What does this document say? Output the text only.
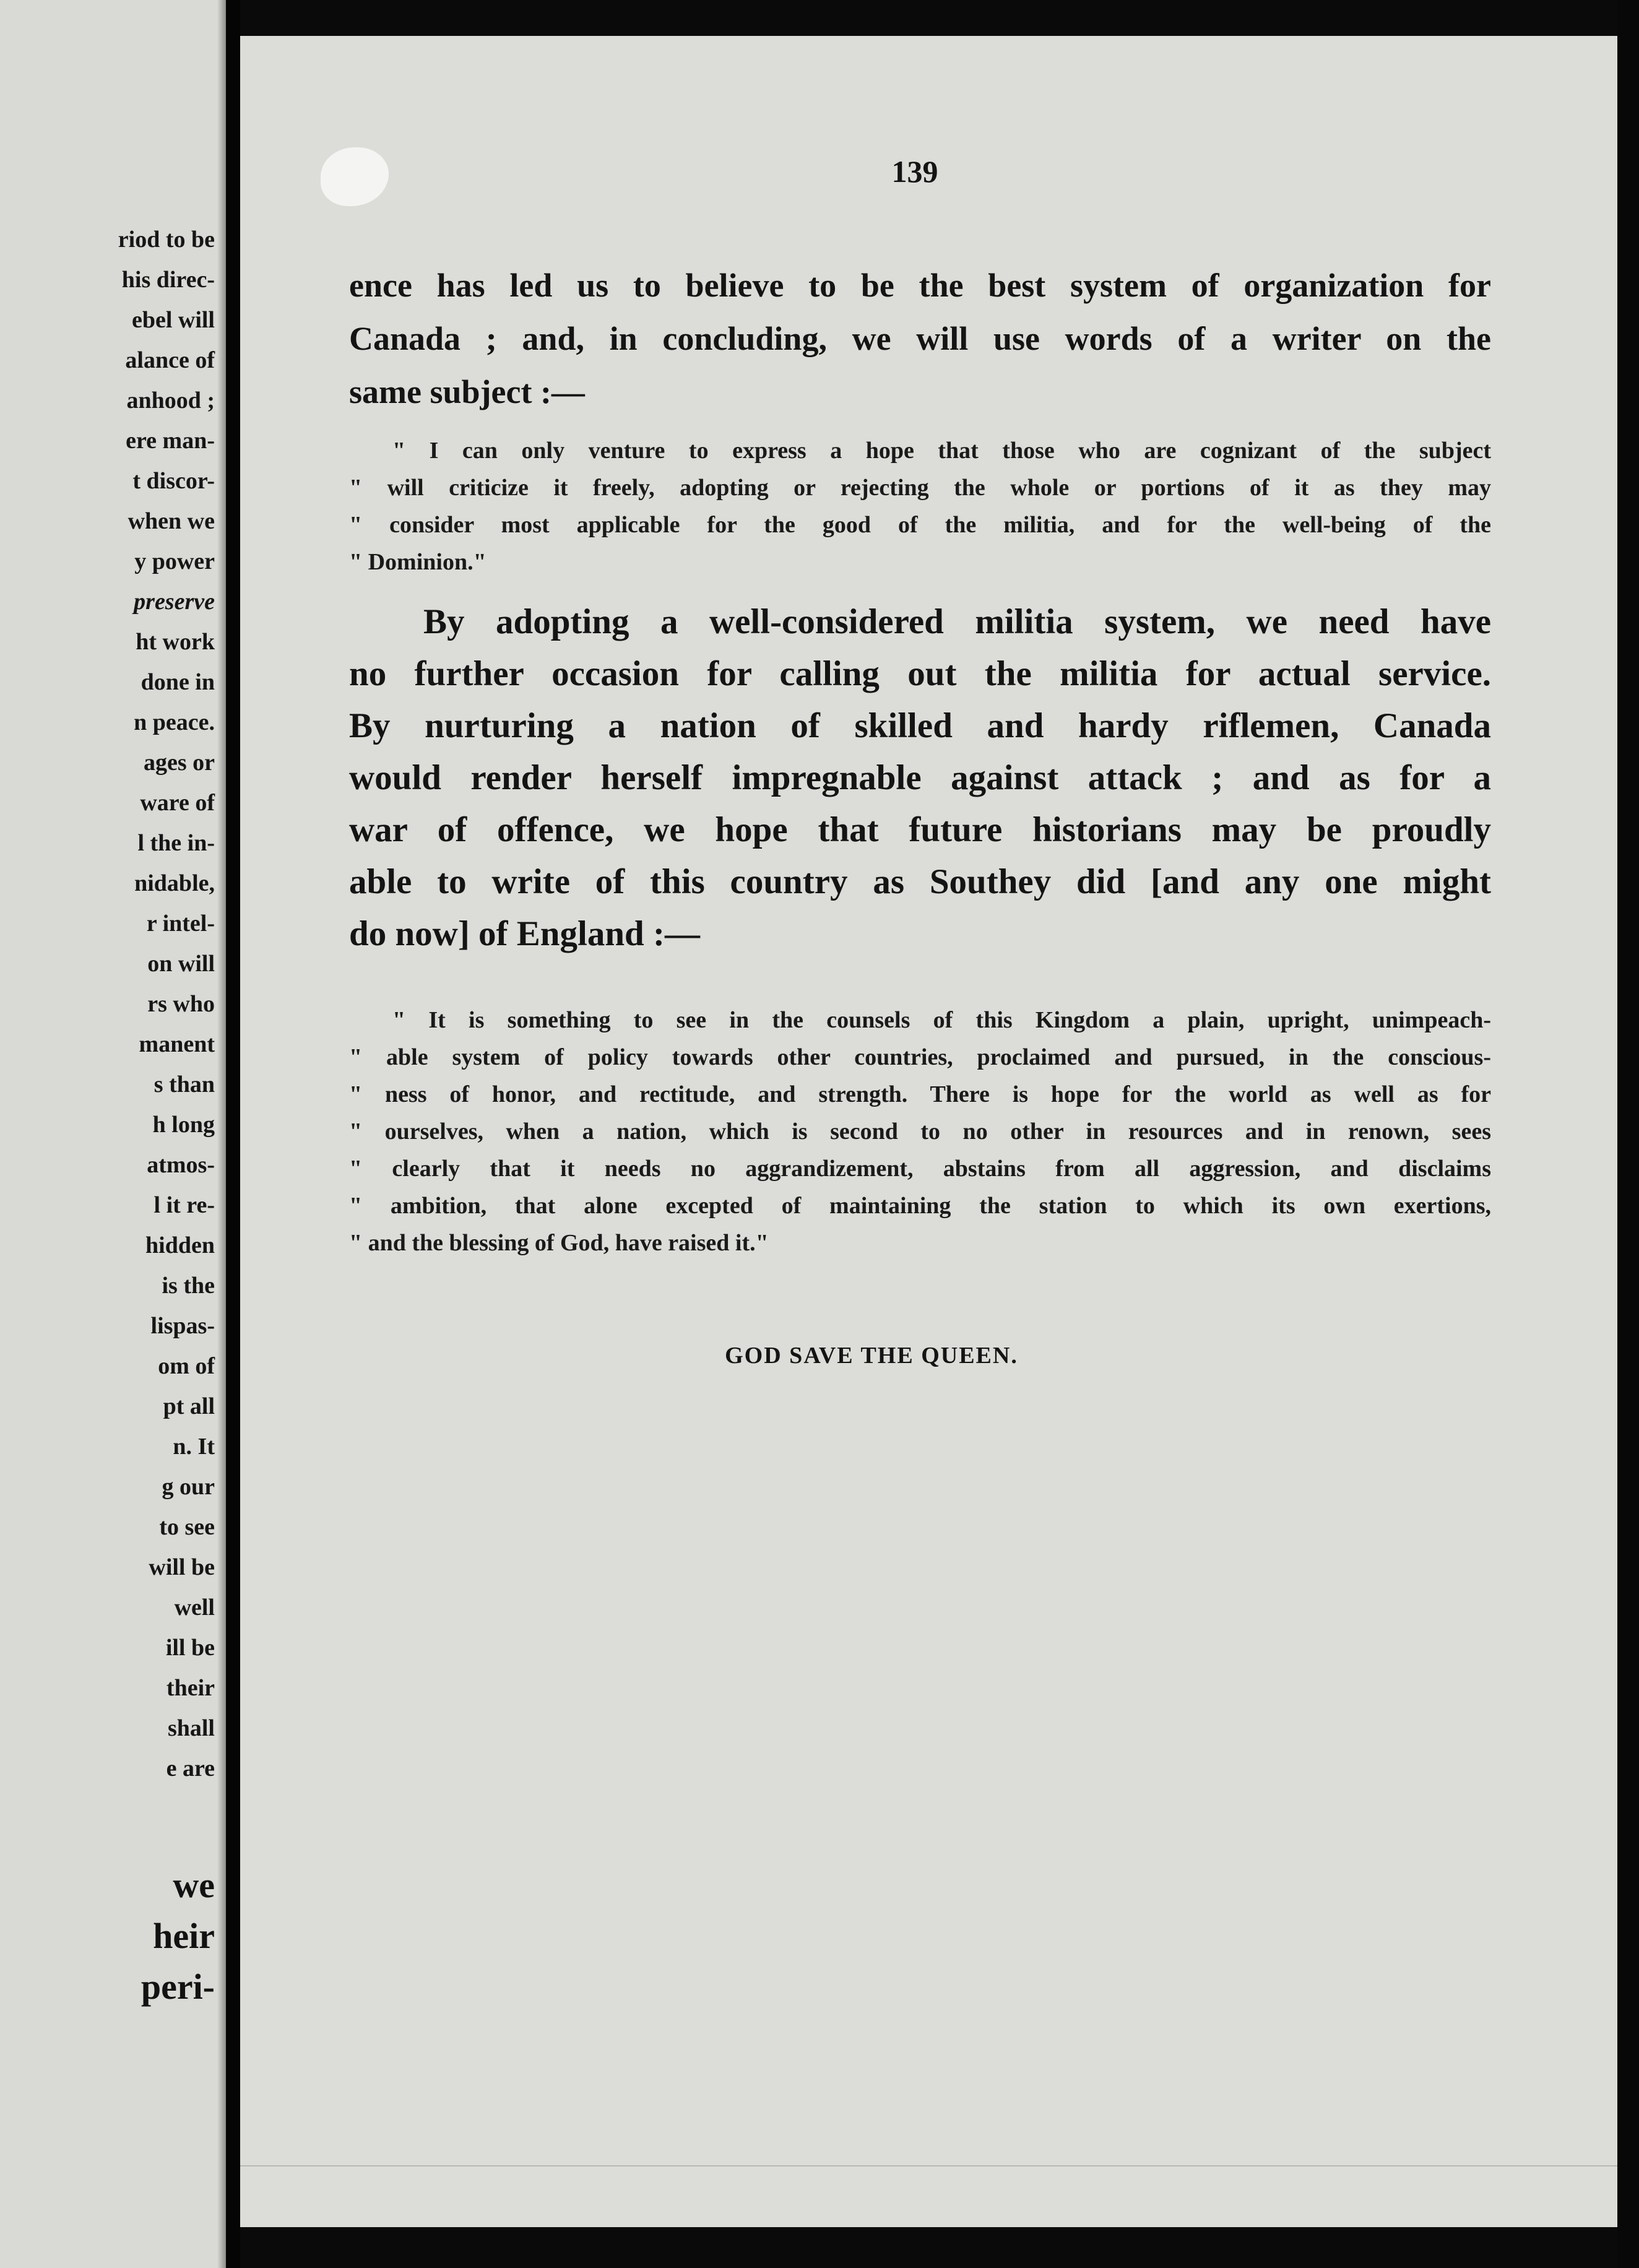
riod to be
his direc-
ebel will
alance of
anhood ;
ere man-
t discor-
when we
y power
preserve
ht work
done in
n peace.
ages or
ware of
l the in-
nidable,
r intel-
on will
rs who
manent
s than
h long
atmos-
l it re-
hidden
is the
lispas-
om of
pt all
n. It
g our
to see
will be
well
ill be
their
shall
e are
we
heir
peri-
139
ence has led us to believe to be the best system of organization for
Canada ; and, in concluding, we will use words of a writer on the
same subject :—
" I can only venture to express a hope that those who are cognizant of the subject
" will criticize it freely, adopting or rejecting the whole or portions of it as they may
" consider most applicable for the good of the militia, and for the well-being of the
" Dominion."
By adopting a well-considered militia system, we need have
no further occasion for calling out the militia for actual service.
By nurturing a nation of skilled and hardy riflemen, Canada
would render herself impregnable against attack ; and as for a
war of offence, we hope that future historians may be proudly
able to write of this country as Southey did [and any one might
do now] of England :—
" It is something to see in the counsels of this Kingdom a plain, upright, unimpeach-
" able system of policy towards other countries, proclaimed and pursued, in the conscious-
" ness of honor, and rectitude, and strength. There is hope for the world as well as for
" ourselves, when a nation, which is second to no other in resources and in renown, sees
" clearly that it needs no aggrandizement, abstains from all aggression, and disclaims
" ambition, that alone excepted of maintaining the station to which its own exertions,
" and the blessing of God, have raised it."
GOD SAVE THE QUEEN.
